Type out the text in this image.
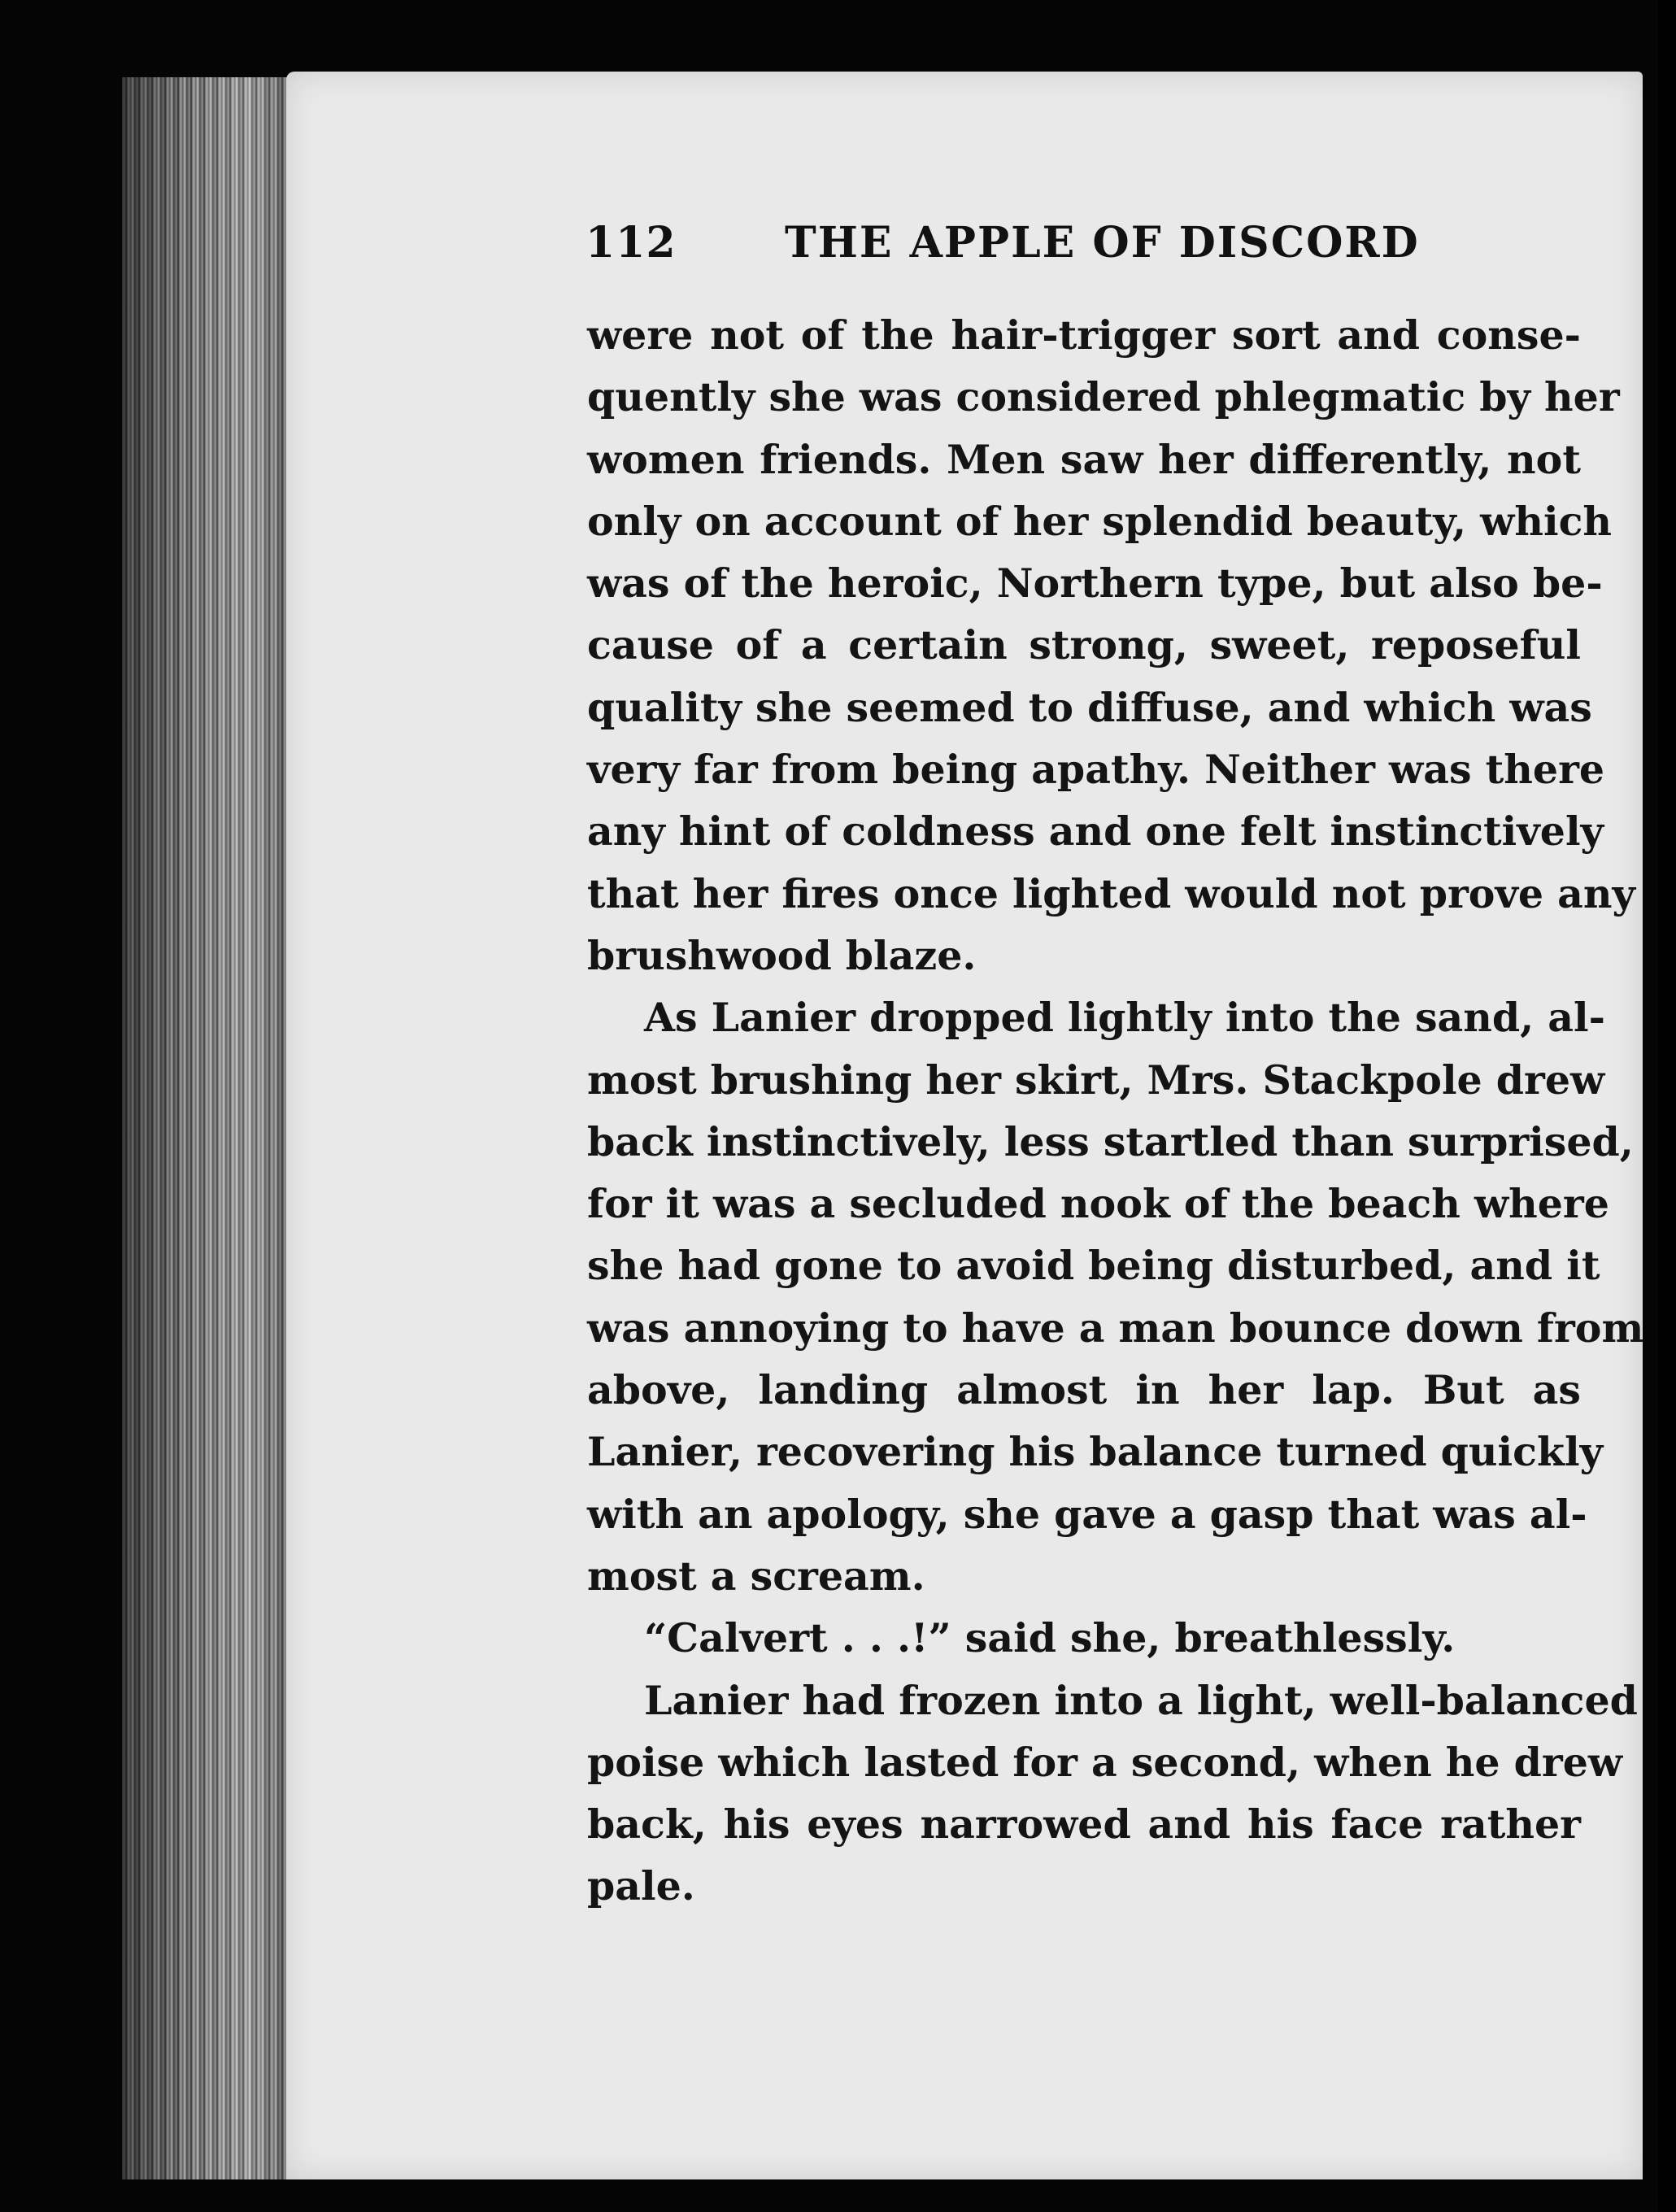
112	THE APPLE OF DISCORD
were not of the hair-trigger sort and conse-
quently she was considered phlegmatic by her
women friends. Men saw her differently, not
only on account of her splendid beauty, which
was of the heroic, Northern type, but also be-
cause of a certain strong, sweet, reposeful
quality she seemed to diffuse, and which was
very far from being apathy. Neither was there
any hint of coldness and one felt instinctively
that her fires once lighted would not prove any
brushwood blaze.
As Lanier dropped lightly into the sand, al-
most brushing her skirt, Mrs. Stackpole drew
back instinctively, less startled than surprised,
for it was a secluded nook of the beach where
she had gone to avoid being disturbed, and it
was annoying to have a man bounce down from
above, landing almost in her lap. But as
Lanier, recovering his balance turned quickly
with an apology, she gave a gasp that was al-
most a scream.
“Calvert . . .!” said she, breathlessly.
Lanier had frozen into a light, well-balanced
poise which lasted for a second, when he drew
back, his eyes narrowed and his face rather
pale.
